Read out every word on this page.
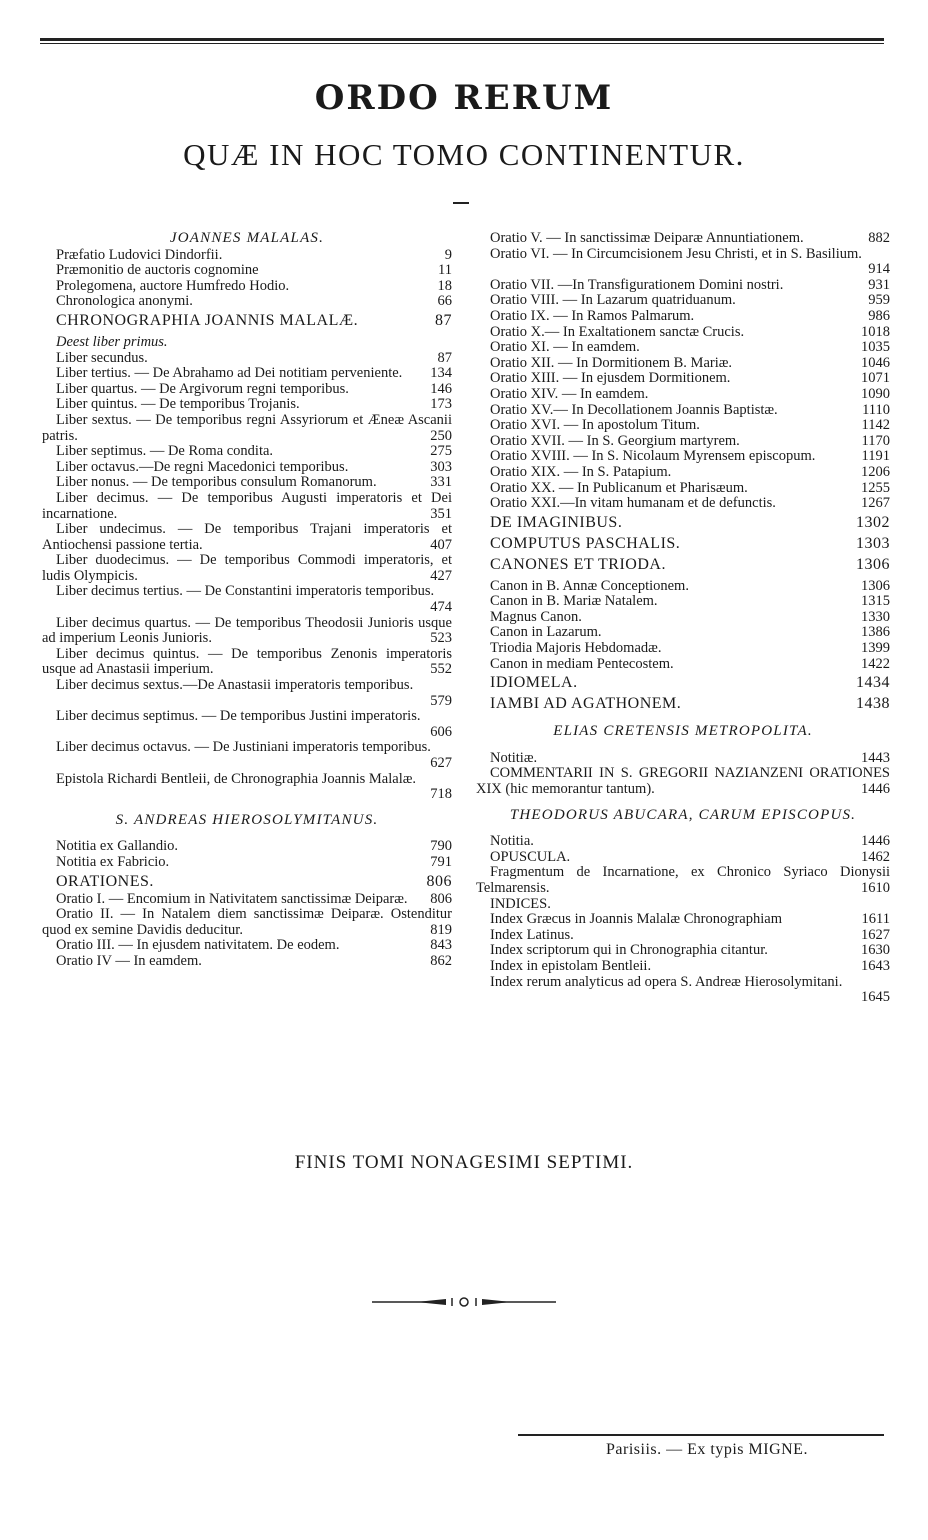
ORDO RERUM
QUÆ IN HOC TOMO CONTINENTUR.
JOANNES MALALAS.
Præfatio Ludovici Dindorfii.	9
Præmonitio de auctoris cognomine	11
Prolegomena, auctore Humfredo Hodio.	18
Chronologica anonymi.	66
CHRONOGRAPHIA JOANNIS MALALÆ.	87
Deest liber primus.
Liber secundus.	87
Liber tertius. — De Abrahamo ad Dei notitiam perveniente.	134
Liber quartus. — De Argivorum regni temporibus.	146
Liber quintus. — De temporibus Trojanis.	173
Liber sextus. — De temporibus regni Assyriorum et Æneæ Ascanii patris.	250
Liber septimus. — De Roma condita.	275
Liber octavus.—De regni Macedonici temporibus.	303
Liber nonus. — De temporibus consulum Romanorum.	331
Liber decimus. — De temporibus Augusti imperatoris et Dei incarnatione.	351
Liber undecimus. — De temporibus Trajani imperatoris et Antiochensi passione tertia.	407
Liber duodecimus. — De temporibus Commodi imperatoris, et ludis Olympicis.	427
Liber decimus tertius. — De Constantini imperatoris temporibus.
474
Liber decimus quartus. — De temporibus Theodosii Junioris usque ad imperium Leonis Junioris.	523
Liber decimus quintus. — De temporibus Zenonis imperatoris usque ad Anastasii imperium.	552
Liber decimus sextus.—De Anastasii imperatoris temporibus.
579
Liber decimus septimus. — De temporibus Justini imperatoris.
606
Liber decimus octavus. — De Justiniani imperatoris temporibus.
627
Epistola Richardi Bentleii, de Chronographia Joannis Malalæ.
718
S. ANDREAS HIEROSOLYMITANUS.
Notitia ex Gallandio.	790
Notitia ex Fabricio.	791
ORATIONES.	806
Oratio I. — Encomium in Nativitatem sanctissimæ Deiparæ.	806
Oratio II. — In Natalem diem sanctissimæ Deiparæ. Ostenditur quod ex semine Davidis deducitur.	819
Oratio III. — In ejusdem nativitatem. De eodem.	843
Oratio IV — In eamdem.	862
Oratio V. — In sanctissimæ Deiparæ Annuntiationem.	882
Oratio VI. — In Circumcisionem Jesu Christi, et in S. Basilium.
914
Oratio VII. —In Transfigurationem Domini nostri.	931
Oratio VIII. — In Lazarum quatriduanum.	959
Oratio IX. — In Ramos Palmarum.	986
Oratio X.— In Exaltationem sanctæ Crucis.	1018
Oratio XI. — In eamdem.	1035
Oratio XII. — In Dormitionem B. Mariæ.	1046
Oratio XIII. — In ejusdem Dormitionem.	1071
Oratio XIV. — In eamdem.	1090
Oratio XV.— In Decollationem Joannis Baptistæ.	1110
Oratio XVI. — In apostolum Titum.	1142
Oratio XVII. — In S. Georgium martyrem.	1170
Oratio XVIII. — In S. Nicolaum Myrensem episcopum.	1191
Oratio XIX. — In S. Patapium.	1206
Oratio XX. — In Publicanum et Pharisæum.	1255
Oratio XXI.—In vitam humanam et de defunctis.	1267
DE IMAGINIBUS.	1302
COMPUTUS PASCHALIS.	1303
CANONES ET TRIODA.	1306
Canon in B. Annæ Conceptionem.	1306
Canon in B. Mariæ Natalem.	1315
Magnus Canon.	1330
Canon in Lazarum.	1386
Triodia Majoris Hebdomadæ.	1399
Canon in mediam Pentecostem.	1422
IDIOMELA.	1434
IAMBI AD AGATHONEM.	1438
ELIAS CRETENSIS METROPOLITA.
Notitiæ.	1443
COMMENTARII IN S. GREGORII NAZIANZENI ORATIONES XIX (hic memorantur tantum).	1446
THEODORUS ABUCARA, CARUM EPISCOPUS.
Notitia.	1446
OPUSCULA.	1462
Fragmentum de Incarnatione, ex Chronico Syriaco Dionysii Telmarensis.	1610
INDICES.
Index Græcus in Joannis Malalæ Chronographiam	1611
Index Latinus.	1627
Index scriptorum qui in Chronographia citantur.	1630
Index in epistolam Bentleii.	1643
Index rerum analyticus ad opera S. Andreæ Hierosolymitani.
1645
FINIS TOMI NONAGESIMI SEPTIMI.
Parisiis. — Ex typis MIGNE.
